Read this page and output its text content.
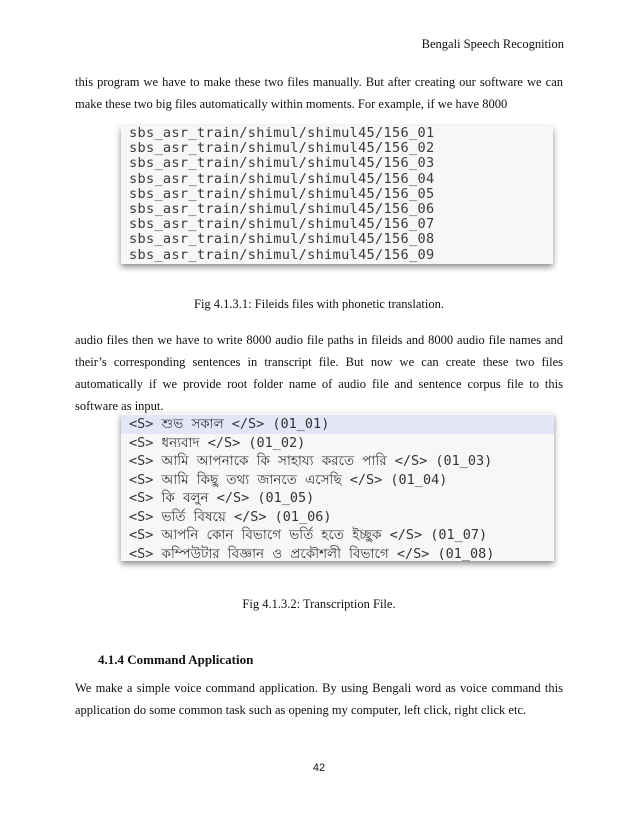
Bengali Speech Recognition
this program we have to make these two files manually. But after creating our software we can make these two big files automatically within moments. For example, if we have 8000
sbs_asr_train/shimul/shimul45/156_01
sbs_asr_train/shimul/shimul45/156_02
sbs_asr_train/shimul/shimul45/156_03
sbs_asr_train/shimul/shimul45/156_04
sbs_asr_train/shimul/shimul45/156_05
sbs_asr_train/shimul/shimul45/156_06
sbs_asr_train/shimul/shimul45/156_07
sbs_asr_train/shimul/shimul45/156_08
sbs_asr_train/shimul/shimul45/156_09
Fig 4.1.3.1: Fileids files with phonetic translation.
audio files then we have to write 8000 audio file paths in fileids and 8000 audio file names and their’s corresponding sentences in transcript file. But now we can create these two files automatically if we provide root folder name of audio file and sentence corpus file to this software as input.
<S> শুভ সকাল </S> (01_01)
<S> ধন্যবাদ </S> (01_02)
<S> আমি আপনাকে কি সাহায্য করতে পারি </S> (01_03)
<S> আমি কিছু তথ্য জানতে এসেছি </S> (01_04)
<S> কি বলুন </S> (01_05)
<S> ভর্তি বিষয়ে </S> (01_06)
<S> আপনি কোন বিভাগে ভর্তি হতে ইচ্ছুক </S> (01_07)
<S> কম্পিউটার বিজ্ঞান ও প্রকৌশলী বিভাগে </S> (01_08)
Fig 4.1.3.2: Transcription File.
4.1.4 Command Application
We make a simple voice command application. By using Bengali word as voice command this application do some common task such as opening my computer, left click, right click etc.
42
